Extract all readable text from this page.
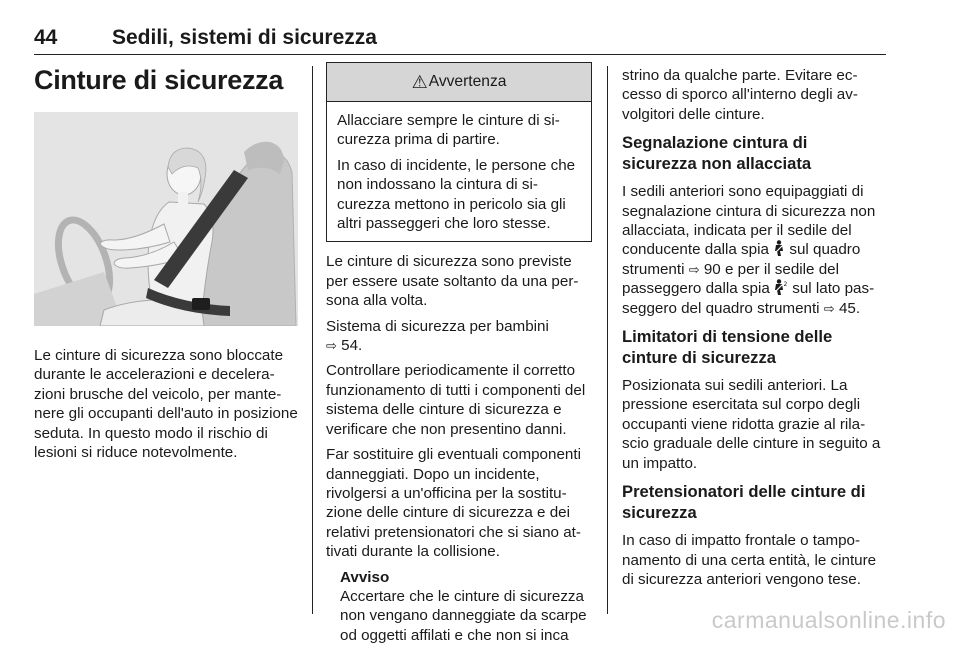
44	Sedili, sistemi di sicurezza
Cinture di sicurezza

Le cinture di sicurezza sono bloccate durante le accelerazioni e decelerazioni brusche del veicolo, per mantenere gli occupanti dell'auto in posizione seduta. In questo modo il rischio di lesioni si riduce notevolmente.

⚠ Avvertenza

Allacciare sempre le cinture di sicurezza prima di partire.

In caso di incidente, le persone che non indossano la cintura di sicurezza mettono in pericolo sia gli altri passeggeri che loro stesse.

Le cinture di sicurezza sono previste per essere usate soltanto da una persona alla volta.

Sistema di sicurezza per bambini
⇨ 54.

Controllare periodicamente il corretto funzionamento di tutti i componenti del sistema delle cinture di sicurezza e verificare che non presentino danni.

Far sostituire gli eventuali componenti danneggiati. Dopo un incidente, rivolgersi a un'officina per la sostituzione delle cinture di sicurezza e dei relativi pretensionatori che si siano attivati durante la collisione.

Avviso

Accertare che le cinture di sicurezza non vengano danneggiate da scarpe od oggetti affilati e che non si inca

strino da qualche parte. Evitare eccesso di sporco all'interno degli avvolgitori delle cinture.

Segnalazione cintura di sicurezza non allacciata

I sedili anteriori sono equipaggiati di segnalazione cintura di sicurezza non allacciata, indicata per il sedile del conducente dalla spia sul quadro strumenti ⇨ 90 e per il sedile del passeggero dalla spia 2 sul lato passeggero del quadro strumenti ⇨ 45.

Limitatori di tensione delle cinture di sicurezza

Posizionata sui sedili anteriori. La pressione esercitata sul corpo degli occupanti viene ridotta grazie al rilascio graduale delle cinture in seguito a un impatto.

Pretensionatori delle cinture di sicurezza

In caso di impatto frontale o tamponamento di una certa entità, le cinture di sicurezza anteriori vengono tese.

carmanualsonline.info
